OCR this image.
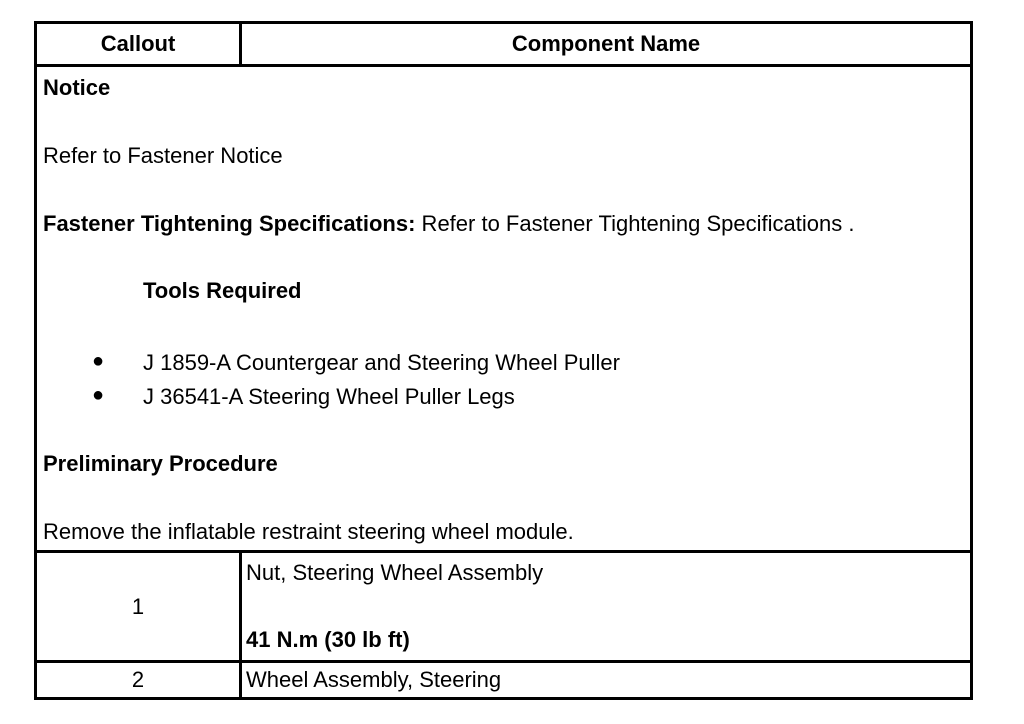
Callout	Component Name
Notice
Refer to Fastener Notice
Fastener Tightening Specifications: Refer to Fastener Tightening Specifications .
Tools Required
● J 1859-A Countergear and Steering Wheel Puller
● J 36541-A Steering Wheel Puller Legs
Preliminary Procedure
Remove the inflatable restraint steering wheel module.
1
Nut, Steering Wheel Assembly
41 N.m (30 lb ft)
2	Wheel Assembly, Steering
